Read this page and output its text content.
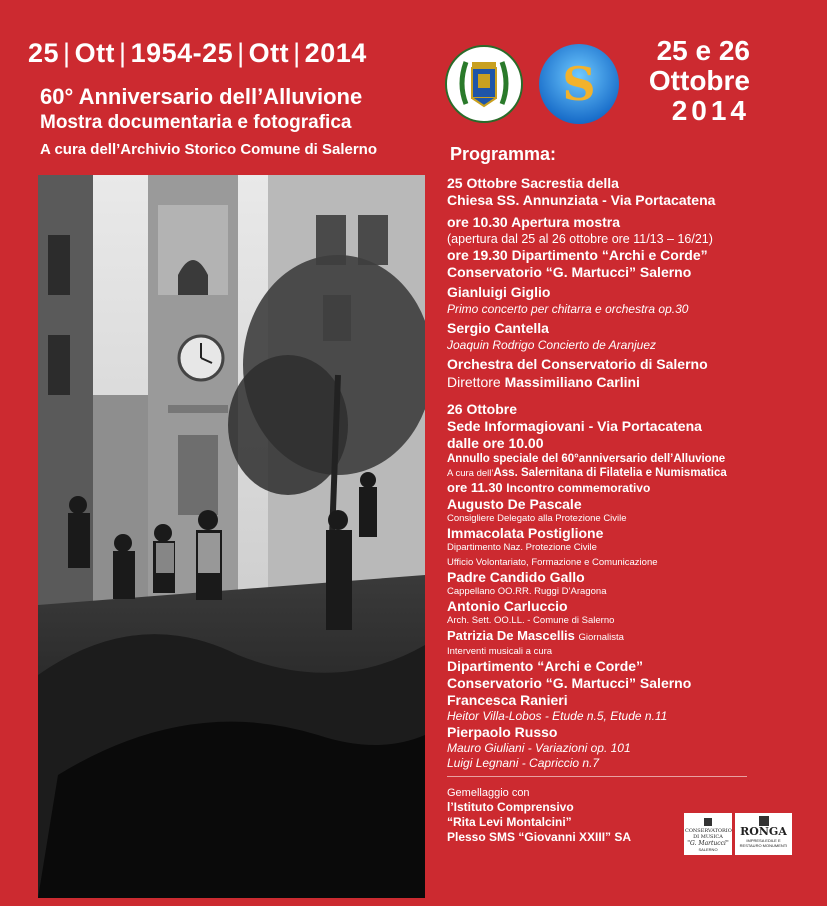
25 | Ott | 1954-25 | Ott | 2014
60° Anniversario dell’Alluvione
Mostra documentaria e fotografica
A cura dell’Archivio Storico Comune di Salerno
S
25 e 26
Ottobre
2014
Programma:
25 Ottobre Sacrestia della
Chiesa SS. Annunziata - Via Portacatena
ore 10.30 Apertura mostra
(apertura dal 25 al 26 ottobre ore 11/13 – 16/21)
ore 19.30 Dipartimento “Archi e Corde”
Conservatorio “G. Martucci” Salerno
Gianluigi Giglio
Primo concerto per chitarra e orchestra op.30
Sergio Cantella
Joaquin Rodrigo Concierto de Aranjuez
Orchestra del Conservatorio di Salerno
Direttore Massimiliano Carlini
26 Ottobre
Sede Informagiovani - Via Portacatena
dalle ore 10.00
Annullo speciale del 60°anniversario dell’Alluvione
A cura dell’Ass. Salernitana di Filatelia e Numismatica
ore 11.30 Incontro commemorativo
Augusto De Pascale
Consigliere Delegato alla Protezione Civile
Immacolata Postiglione
Dipartimento Naz. Protezione Civile
Ufficio Volontariato, Formazione e Comunicazione
Padre Candido Gallo
Cappellano OO.RR. Ruggi D’Aragona
Antonio Carluccio
Arch. Sett. OO.LL. - Comune di Salerno
Patrizia De Mascellis Giornalista
Interventi musicali a cura
Dipartimento “Archi e Corde”
Conservatorio “G. Martucci” Salerno
Francesca Ranieri
Heitor Villa-Lobos - Etude n.5, Etude n.11
Pierpaolo Russo
Mauro Giuliani - Variazioni op. 101
Luigi Legnani - Capriccio n.7
Gemellaggio con
l’Istituto Comprensivo
“Rita Levi Montalcini”
Plesso SMS “Giovanni XXIII” SA	CONSERVATORIO DI MUSICA
"G. Martucci"
SALERNO
RONGA
IMPRESA EDILE E RESTAURO MONUMENTI
